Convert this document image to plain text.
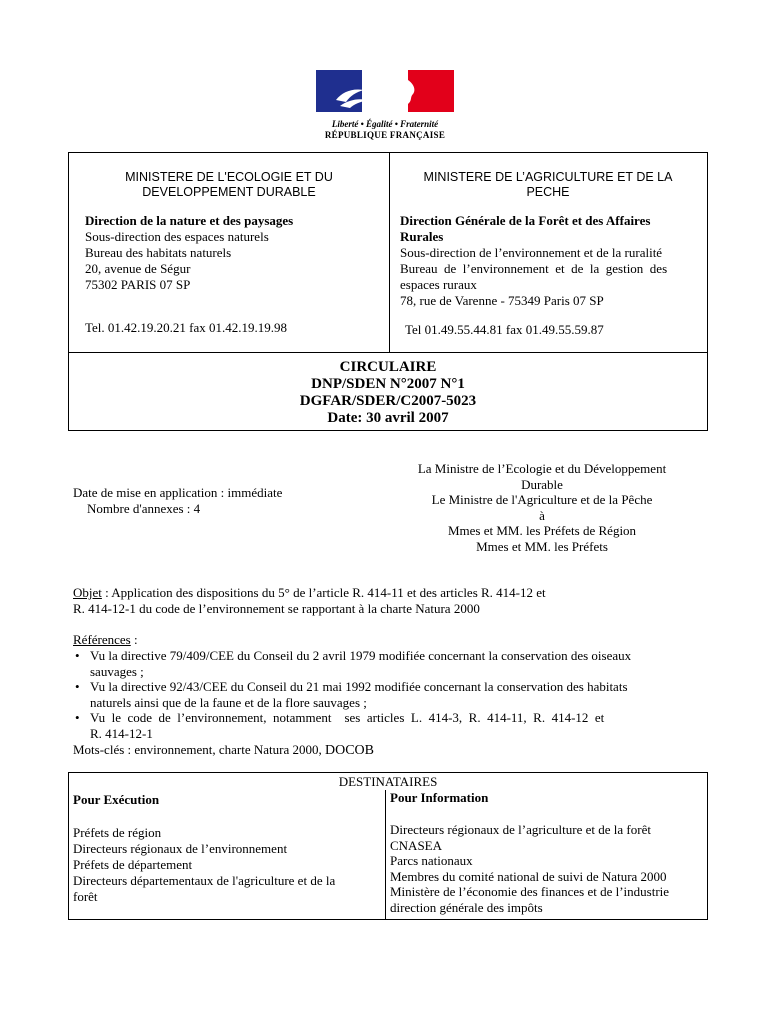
Liberté • Égalité • Fraternité
RÉPUBLIQUE FRANÇAISE
MINISTERE DE L'ECOLOGIE ET DU
DEVELOPPEMENT DURABLE
Direction de la nature et des paysages
Sous-direction des espaces naturels
Bureau des habitats naturels
20, avenue de Ségur
75302 PARIS 07 SP
Tel. 01.42.19.20.21 fax 01.42.19.19.98
MINISTERE DE L’AGRICULTURE ET DE LA
PECHE
Direction Générale de la Forêt et des Affaires
Rurales
Sous-direction de l’environnement et de la ruralité
Bureau  de  l’environnement  et  de  la  gestion  des
espaces ruraux
78, rue de Varenne - 75349 Paris 07 SP
Tel 01.49.55.44.81 fax 01.49.55.59.87
CIRCULAIRE
DNP/SDEN N°2007 N°1
DGFAR/SDER/C2007-5023
Date: 30 avril 2007
Date de mise en application : immédiate
Nombre d'annexes : 4
La Ministre de l’Ecologie et du Développement
Durable
Le Ministre de l'Agriculture et de la Pêche
à
Mmes et MM. les Préfets de Région
Mmes et MM. les Préfets
Objet : Application des dispositions du 5° de l’article R. 414-11 et des articles R. 414-12 et
R. 414-12-1 du code de l’environnement se rapportant à la charte Natura 2000
Références :
• Vu la directive 79/409/CEE du Conseil du 2 avril 1979 modifiée concernant la conservation des oiseaux
sauvages ;
• Vu la directive 92/43/CEE du Conseil du 21 mai 1992 modifiée concernant la conservation des habitats
naturels ainsi que de la faune et de la flore sauvages ;
• Vu  le  code  de  l’environnement,  notamment    ses  articles  L.  414-3,  R.  414-11,  R.  414-12  et
R. 414-12-1
Mots-clés : environnement, charte Natura 2000, DOCOB
DESTINATAIRES
Pour Exécution
Préfets de région
Directeurs régionaux de l’environnement
Préfets de département
Directeurs départementaux de l'agriculture et de la
forêt
Pour Information
Directeurs régionaux de l’agriculture et de la forêt
CNASEA
Parcs nationaux
Membres du comité national de suivi de Natura 2000
Ministère de l’économie des finances et de l’industrie
direction générale des impôts
